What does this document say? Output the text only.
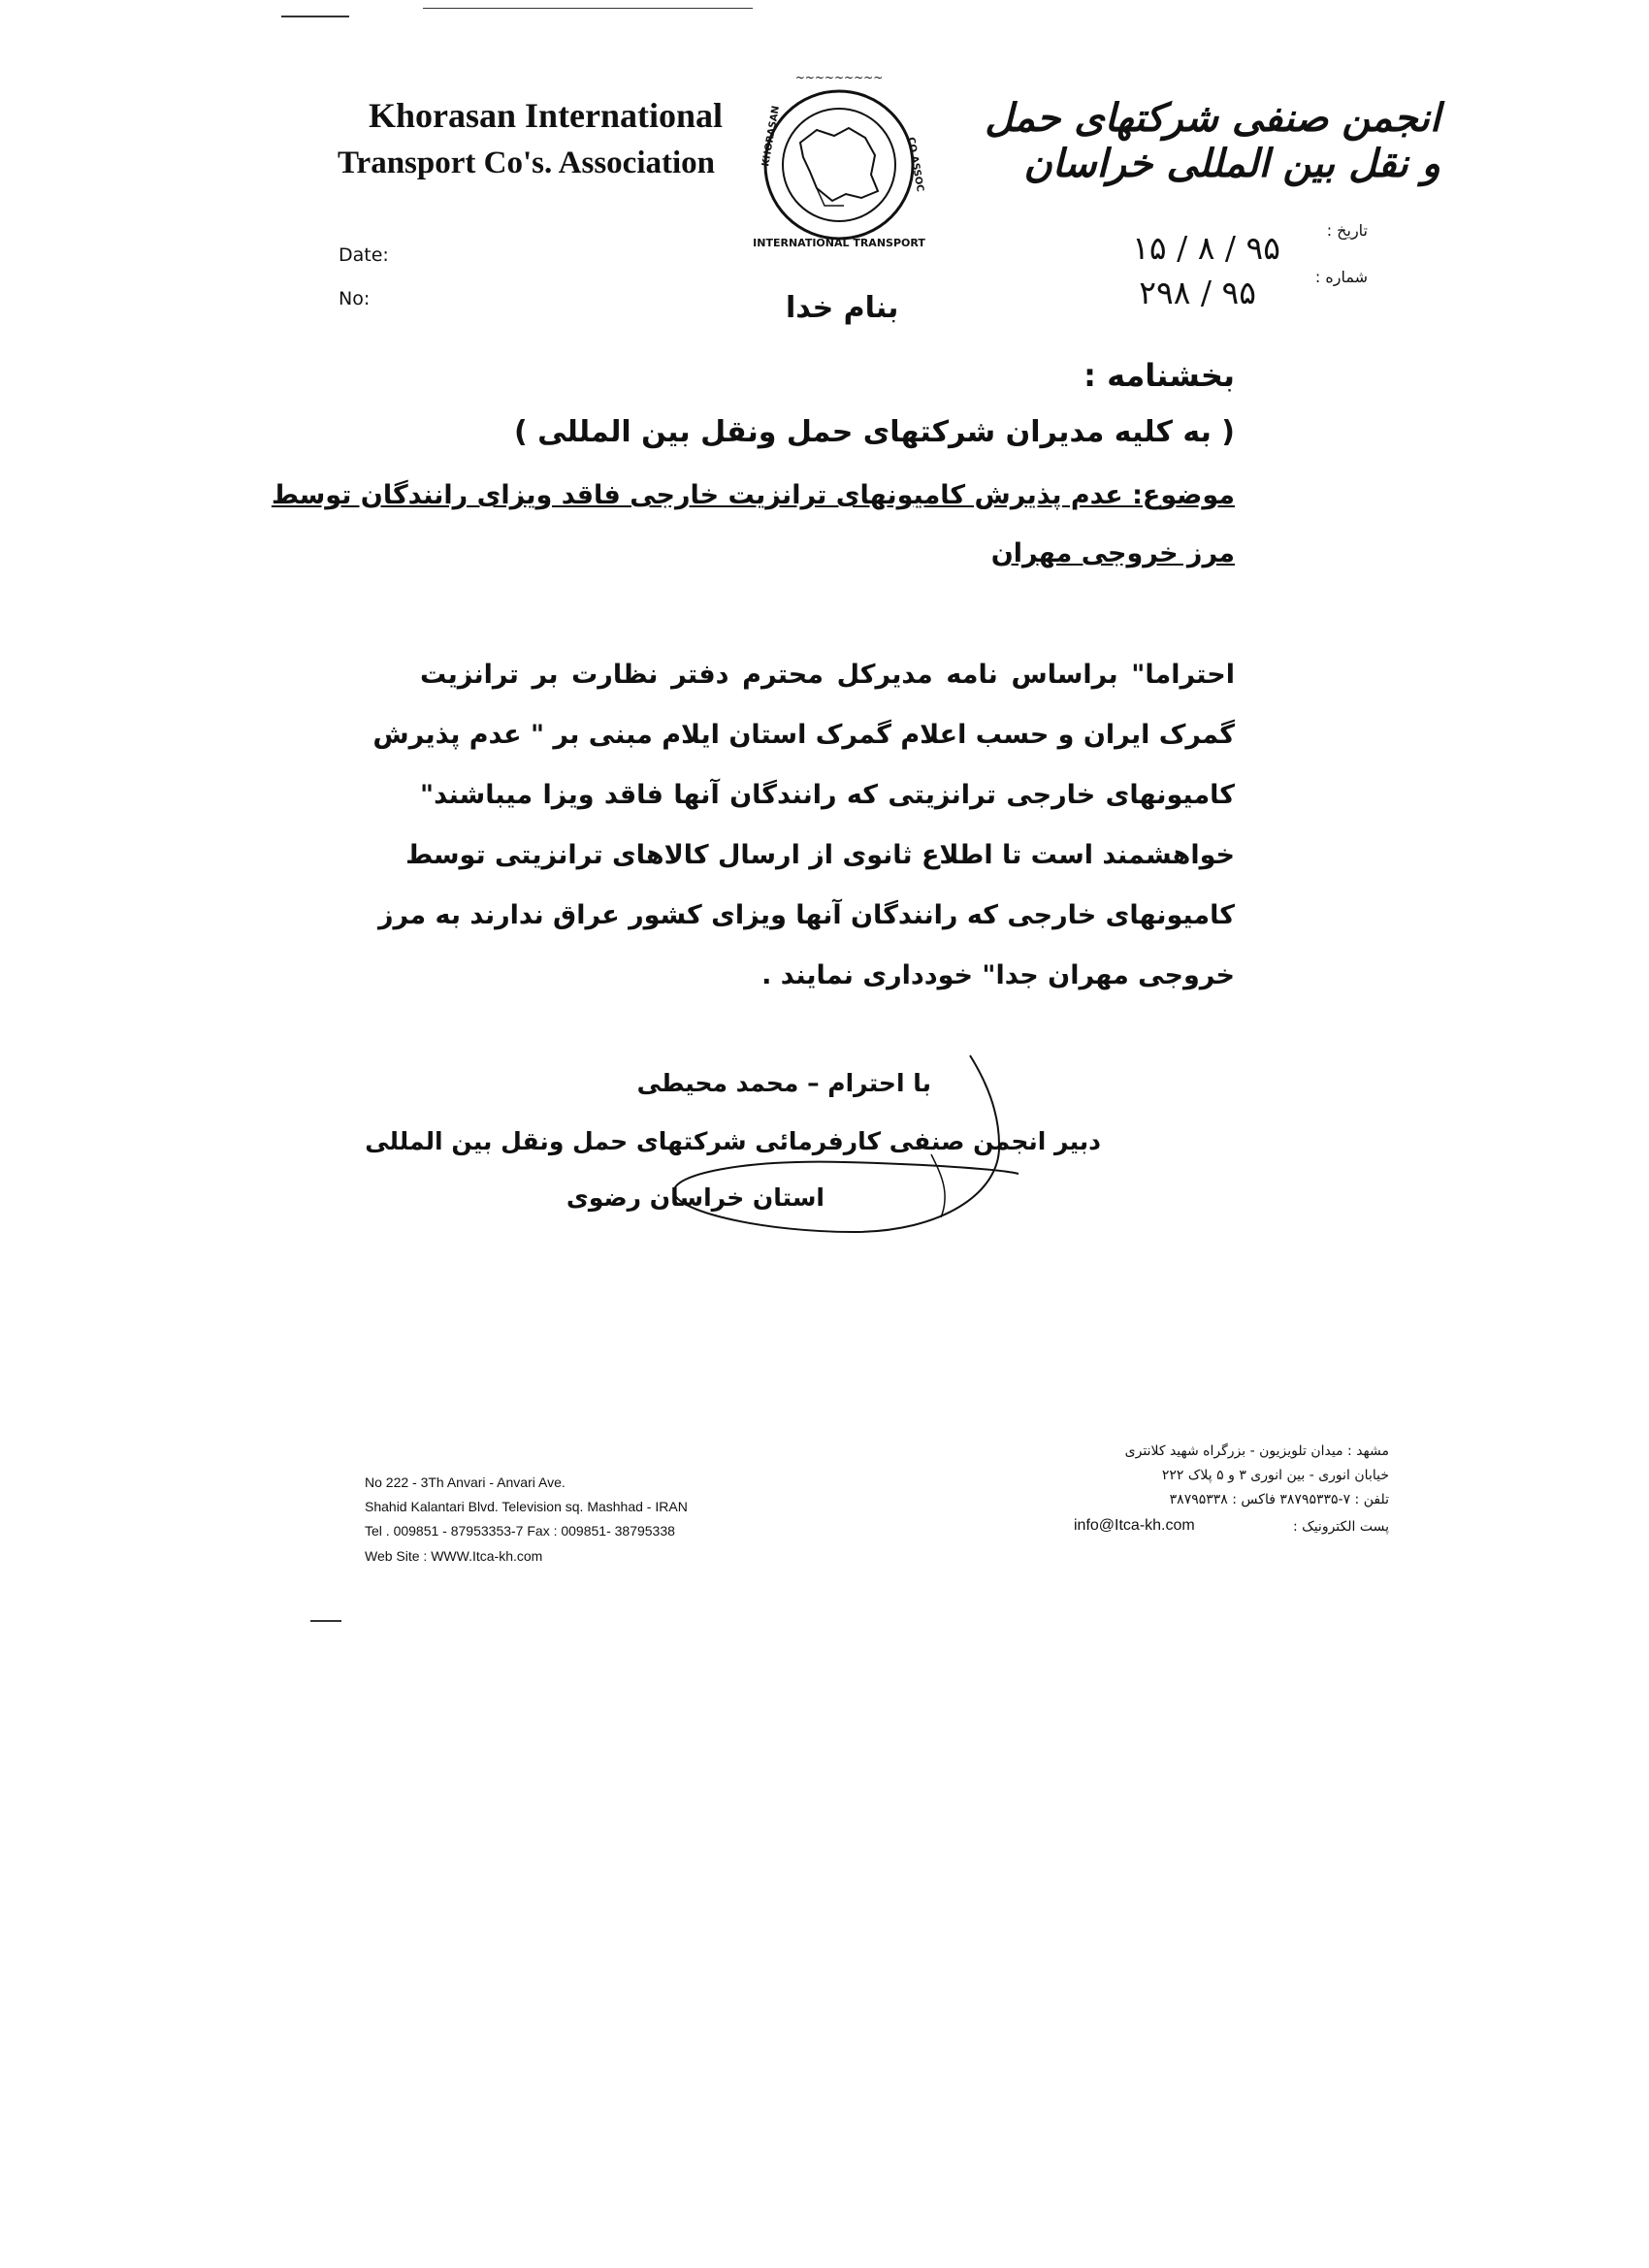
Khorasan International
Transport Co's. Association
INTERNATIONAL TRANSPORT
~~~~~~~~~
KHORASAN	CO.ASSOC
انجمن صنفی شرکتهای حمل و نقل بین المللی خراسان
Date:
No:
تاریخ :
شماره :
۹۵ / ۸ / ۱۵
۹۵ / ۲۹۸
بنام خدا
بخشنامه :
( به کلیه مدیران شرکتهای حمل ونقل بین المللی )
موضوع: عدم پذیرش کامیونهای ترانزیت خارجی فاقد ویزای رانندگان توسط
مرز خروجی مهران
احتراما" براساس نامه مدیرکل محترم دفتر نظارت بر ترانزیت
گمرک ایران و حسب اعلام گمرک استان ایلام مبنی بر " عدم پذیرش
کامیونهای خارجی ترانزیتی که رانندگان آنها فاقد ویزا میباشند"
خواهشمند است تا اطلاع ثانوی از ارسال کالاهای ترانزیتی توسط
کامیونهای خارجی که رانندگان آنها ویزای کشور عراق ندارند به مرز
خروجی مهران جدا" خودداری نمایند .
با احترام – محمد محیطی
دبیر انجمن صنفی کارفرمائی شرکتهای حمل ونقل بین المللی
استان خراسان رضوی
No 222 - 3Th Anvari - Anvari Ave.
Shahid Kalantari Blvd. Television sq. Mashhad - IRAN
Tel . 009851 - 87953353-7 Fax : 009851- 38795338
Web Site : WWW.Itca-kh.com
مشهد : میدان تلویزیون - بزرگراه شهید کلانتری
خیابان انوری - بین انوری ۳ و ۵ پلاک ۲۲۲
تلفن : ۷-۳۸۷۹۵۳۳۵ فاکس : ۳۸۷۹۵۳۳۸
پست الکترونیک :
info@Itca-kh.com
